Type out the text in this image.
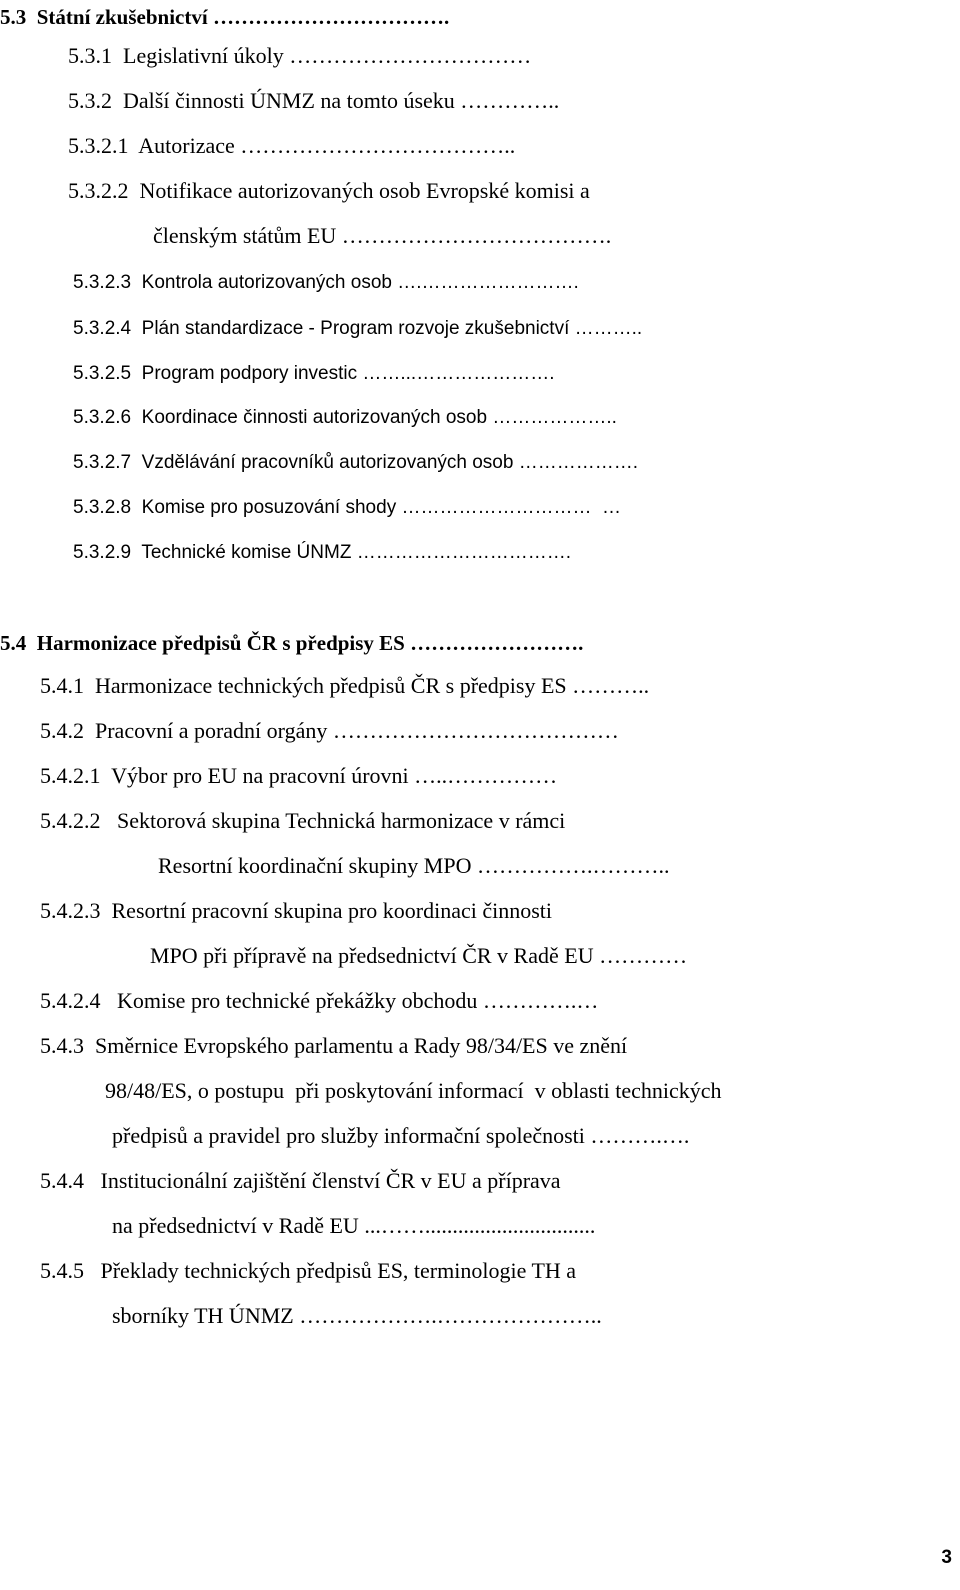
5.3  Státní zkušebnictví …………………………….
5.3.1  Legislativní úkoly ……………………………
5.3.2  Další činnosti ÚNMZ na tomto úseku …………..
5.3.2.1  Autorizace ………………………………..
5.3.2.2  Notifikace autorizovaných osob Evropské komisi a
členským státům EU ……………………………….
5.3.2.3  Kontrola autorizovaných osob ….…………………….
5.3.2.4  Plán standardizace - Program rozvoje zkušebnictví ………..
5.3.2.5  Program podpory investic ……...………………….
5.3.2.6  Koordinace činnosti autorizovaných osob ………………..
5.3.2.7  Vzdělávání pracovníků autorizovaných osob ……………….
5.3.2.8  Komise pro posuzování shody …………………………  …
5.3.2.9  Technické komise ÚNMZ …………………………….
5.4  Harmonizace předpisů ČR s předpisy ES …………………….
5.4.1  Harmonizace technických předpisů ČR s předpisy ES ………..
5.4.2  Pracovní a poradní orgány …………………………………
5.4.2.1  Výbor pro EU na pracovní úrovni …..……………
5.4.2.2   Sektorová skupina Technická harmonizace v rámci
Resortní koordinační skupiny MPO …………….………..
5.4.2.3  Resortní pracovní skupina pro koordinaci činnosti
MPO při přípravě na předsednictví ČR v Radě EU …………
5.4.2.4   Komise pro technické překážky obchodu ………….…
5.4.3  Směrnice Evropského parlamentu a Rady 98/34/ES ve znění
98/48/ES, o postupu  při poskytování informací  v oblasti technických
předpisů a pravidel pro služby informační společnosti ……….….
5.4.4   Institucionální zajištění členství ČR v EU a příprava
na předsednictví v Radě EU ...……...............................
5.4.5   Překlady technických předpisů ES, terminologie TH a
sborníky TH ÚNMZ ……………….…………………..
3
